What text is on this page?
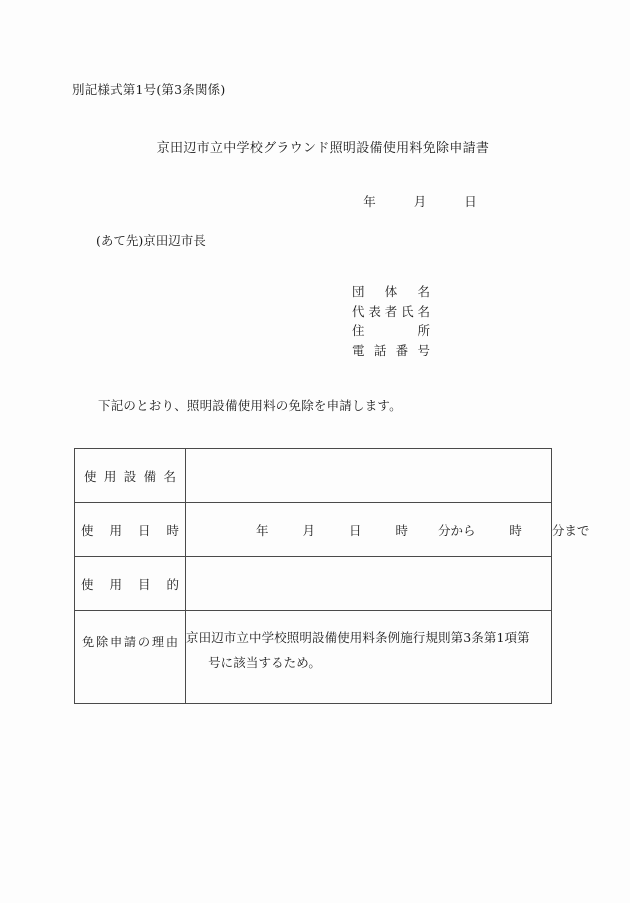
別記様式第1号(第3条関係)
京田辺市立中学校グラウンド照明設備使用料免除申請書
年	月	日
(あて先)京田辺市長
団 体 名
代 表 者 氏 名
住	所
電 話 番 号
下記のとおり、照明設備使用料の免除を申請します。
使 用 設 備 名	

使 用 日 時	年 月 日 時 分から 時 分まで

使 用 目 的	

免 除 申 請 の 理 由	京田辺市立中学校照明設備使用料条例施行規則第3条第1項第  号に該当するため。
